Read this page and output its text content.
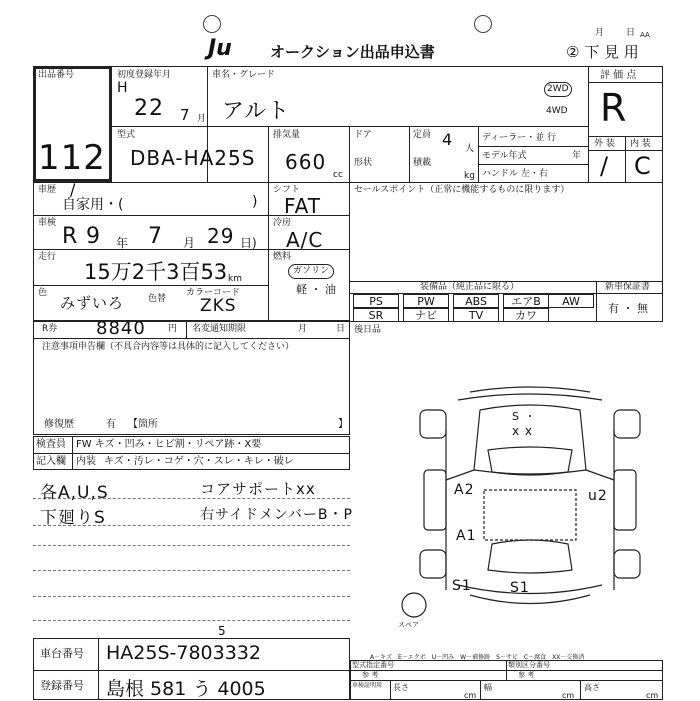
Ju	オークション出品申込書
月 日 AA
② 下 見 用
出品番号
112
初度登録年月
H
22 7 月
車名・グレード
アルト
2WD
4WD
評 価 点
R
外 装 内 装
/ C
型式
DBA-HA25S
排気量
660
cc
ドア
形状
定員 4 人
積載
kg
ディーラー・並 行
モデル年式	年
ハンドル 左・右
車歴
自家用・(	)
/	シフト
FAT
車検
R 9 年 7 月 29 日)
冷房
A/C
走行
15万2千3百53 km
燃料
ガソリン
軽 ・ 油
色
みずいろ	色替
カラーコード
ZKS
セールスポイント（正常に機能するものに限ります）
装備品（純正品に限る）	新車保証書
有 ・ 無
PS	PW	ABS	エアB	AW
SR	ナビ	TV	カワ
R券 8840 円 名変通知期限	月	日 後日品
注意事項申告欄（不具合内容等は具体的に記入してください）
修復歴	有 【箇所	】
検査員 FW キズ・凹み・ヒビ割・リペア跡・X要
記入欄 内装 キズ・汚レ・コゲ・穴・スレ・キレ・破レ
各A,U,S
下廻りS
コアサポートxx
右サイドメンバーB・P
S ・
x x
A2
A1
u2
S1	S1
スペア
A－キズ　E－エクボ　U－凹み　W－補修跡　S－サビ　C－腐食　XX－交換済
車台番号 HA25S-7803332
5
登録番号 島根 581 う 4005
型式指定番号
参 考
類別区分番号
参 考
車検証明用 長さ
cm
幅
cm
高さ
cm
